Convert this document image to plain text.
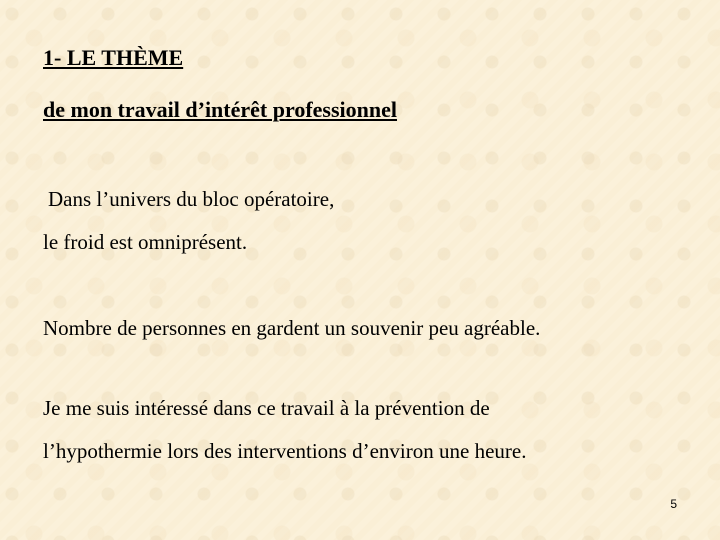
1- LE THÈME
de mon travail d’intérêt professionnel
Dans l’univers du bloc opératoire,
le froid est omniprésent.
Nombre de personnes en gardent un souvenir peu agréable.
Je me suis intéressé dans ce travail à la prévention de
l’hypothermie lors des interventions d’environ une heure.
5
